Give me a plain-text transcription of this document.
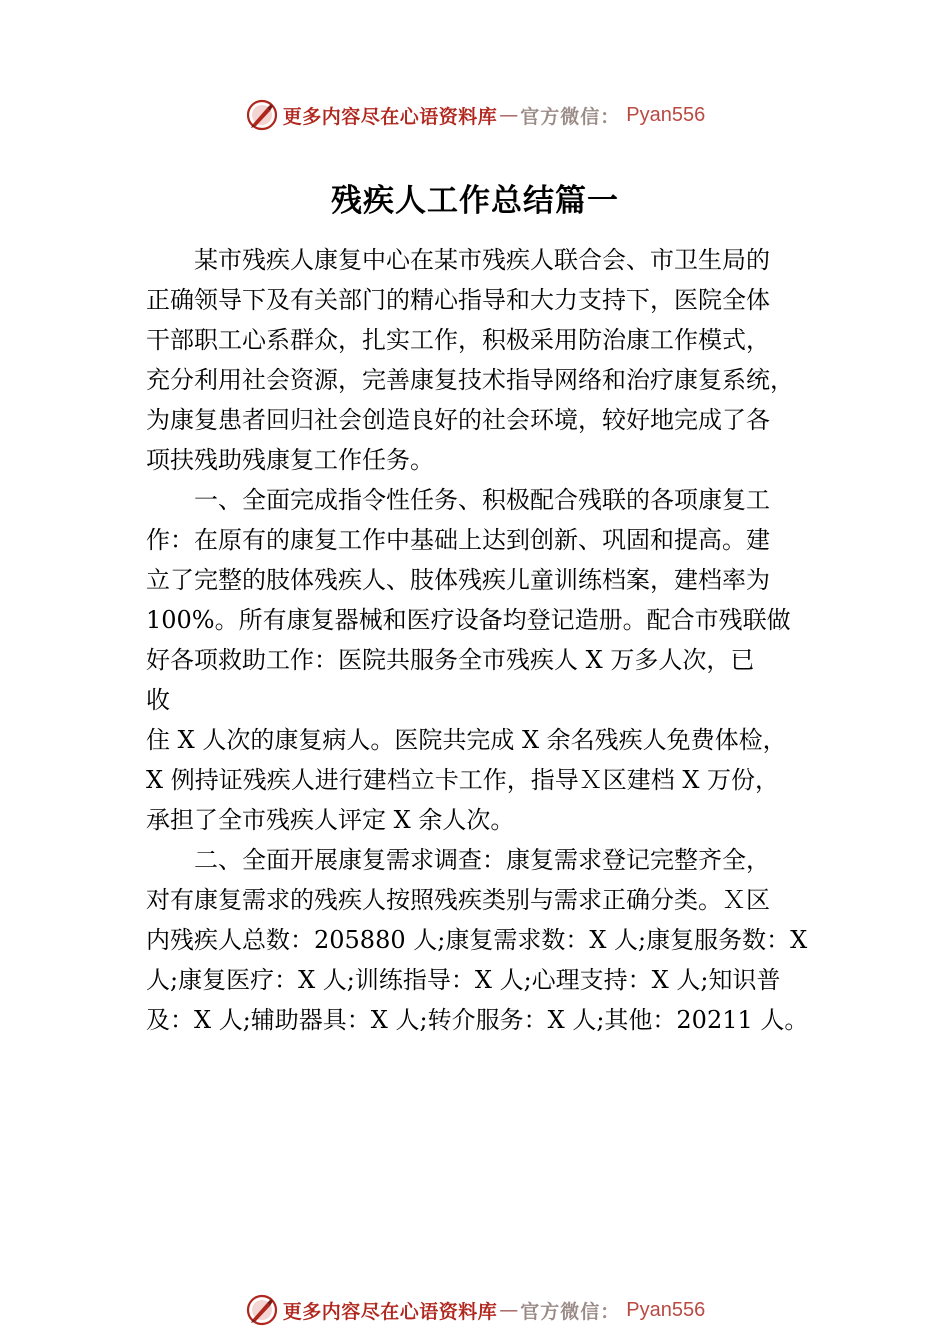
更多内容尽在心语资料库 — 官方微信： Pyan556
残疾人工作总结篇一

某市残疾人康复中心在某市残疾人联合会、市卫生局的
正确领导下及有关部门的精心指导和大力支持下，医院全体
干部职工心系群众，扎实工作，积极采用防治康工作模式，
充分利用社会资源，完善康复技术指导网络和治疗康复系统，
为康复患者回归社会创造良好的社会环境，较好地完成了各
项扶残助残康复工作任务。

一、全面完成指令性任务、积极配合残联的各项康复工
作：在原有的康复工作中基础上达到创新、巩固和提高。建
立了完整的肢体残疾人、肢体残疾儿童训练档案，建档率为
100%。所有康复器械和医疗设备均登记造册。配合市残联做
好各项救助工作：医院共服务全市残疾人 X 万多人次，已
收
住 X 人次的康复病人。医院共完成 X 余名残疾人免费体检，
X 例持证残疾人进行建档立卡工作，指导Ｘ区建档 X 万份，
承担了全市残疾人评定 X 余人次。

二、全面开展康复需求调查：康复需求登记完整齐全，
对有康复需求的残疾人按照残疾类别与需求正确分类。Ｘ区
内残疾人总数：205880 人;康复需求数：X 人;康复服务数：X
人;康复医疗：X 人;训练指导：X 人;心理支持：X 人;知识普
及：X 人;辅助器具：X 人;转介服务：X 人;其他：20211 人。

更多内容尽在心语资料库 — 官方微信： Pyan556
